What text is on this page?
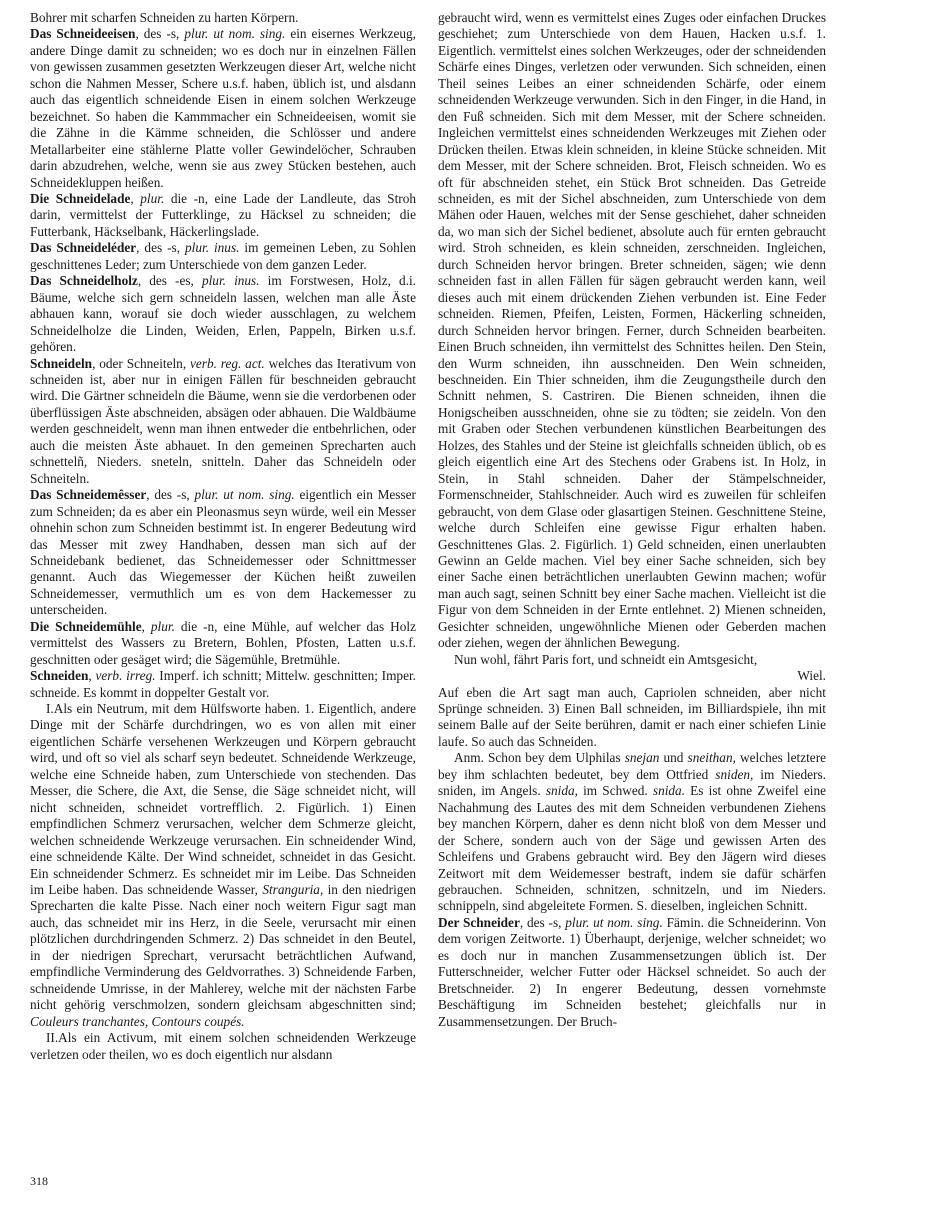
Bohrer mit scharfen Schneiden zu harten Körpern.

Das Schneideeisen, des -s, plur. ut nom. sing. ein eisernes Werkzeug, andere Dinge damit zu schneiden; wo es doch nur in einzelnen Fällen von gewissen zusammen gesetzten Werkzeugen dieser Art, welche nicht schon die Nahmen Messer, Schere u.s.f. haben, üblich ist, und alsdann auch das eigentlich schneidende Eisen in einem solchen Werkzeuge bezeichnet. So haben die Kammmacher ein Schneideeisen, womit sie die Zähne in die Kämme schneiden, die Schlösser und andere Metallarbeiter eine stählerne Platte voller Gewindelöcher, Schrauben darin abzudrehen, welche, wenn sie aus zwey Stücken bestehen, auch Schneidekluppen heißen.

Die Schneidelade, plur. die -n, eine Lade der Landleute, das Stroh darin, vermittelst der Futterklinge, zu Häcksel zu schneiden; die Futterbank, Häckselbank, Häckerlingslade.

Das Schneideléder, des -s, plur. inus. im gemeinen Leben, zu Sohlen geschnittenes Leder; zum Unterschiede von dem ganzen Leder.

Das Schneidelholz, des -es, plur. inus. im Forstwesen, Holz, d.i. Bäume, welche sich gern schneideln lassen, welchen man alle Äste abhauen kann, worauf sie doch wieder ausschlagen, zu welchem Schneidelholze die Linden, Weiden, Erlen, Pappeln, Birken u.s.f. gehören.

Schneideln, oder Schneiteln, verb. reg. act. welches das Iterativum von schneiden ist, aber nur in einigen Fällen für beschneiden gebraucht wird. Die Gärtner schneideln die Bäume, wenn sie die verdorbenen oder überflüssigen Äste abschneiden, absägen oder abhauen. Die Waldbäume werden geschneidelt, wenn man ihnen entweder die entbehrlichen, oder auch die meisten Äste abhauet. In den gemeinen Sprecharten auch schnettelñ, Nieders. sneteln, snitteln. Daher das Schneideln oder Schneiteln.

Das Schneidemêsser, des -s, plur. ut nom. sing. eigentlich ein Messer zum Schneiden; da es aber ein Pleonasmus seyn würde, weil ein Messer ohnehin schon zum Schneiden bestimmt ist. In engerer Bedeutung wird das Messer mit zwey Handhaben, dessen man sich auf der Schneidebank bedienet, das Schneidemesser oder Schnittmesser genannt. Auch das Wiegemesser der Küchen heißt zuweilen Schneidemesser, vermuthlich um es von dem Hackemesser zu unterscheiden.

Die Schneidemühle, plur. die -n, eine Mühle, auf welcher das Holz vermittelst des Wassers zu Bretern, Bohlen, Pfosten, Latten u.s.f. geschnitten oder gesäget wird; die Sägemühle, Bretmühle.

Schneiden, verb. irreg. Imperf. ich schnitt; Mittelw. geschnitten; Imper. schneide. Es kommt in doppelter Gestalt vor.

I.Als ein Neutrum, mit dem Hülfsworte haben. 1. Eigentlich, andere Dinge mit der Schärfe durchdringen, wo es von allen mit einer eigentlichen Schärfe versehenen Werkzeugen und Körpern gebraucht wird, und oft so viel als scharf seyn bedeutet. Schneidende Werkzeuge, welche eine Schneide haben, zum Unterschiede von stechenden. Das Messer, die Schere, die Axt, die Sense, die Säge schneidet nicht, will nicht schneiden, schneidet vortrefflich. 2. Figürlich. 1) Einen empfindlichen Schmerz verursachen, welcher dem Schmerze gleicht, welchen schneidende Werkzeuge verursachen. Ein schneidender Wind, eine schneidende Kälte. Der Wind schneidet, schneidet in das Gesicht. Ein schneidender Schmerz. Es schneidet mir im Leibe. Das Schneiden im Leibe haben. Das schneidende Wasser, Stranguria, in den niedrigen Sprecharten die kalte Pisse. Nach einer noch weitern Figur sagt man auch, das schneidet mir ins Herz, in die Seele, verursacht mir einen plötzlichen durchdringenden Schmerz. 2) Das schneidet in den Beutel, in der niedrigen Sprechart, verursacht beträchtlichen Aufwand, empfindliche Verminderung des Geldvorrathes. 3) Schneidende Farben, schneidende Umrisse, in der Mahlerey, welche mit der nächsten Farbe nicht gehörig verschmolzen, sondern gleichsam abgeschnitten sind; Couleurs tranchantes, Contours coupés.

II.Als ein Activum, mit einem solchen schneidenden Werkzeuge verletzen oder theilen, wo es doch eigentlich nur alsdann

gebraucht wird, wenn es vermittelst eines Zuges oder einfachen Druckes geschiehet; zum Unterschiede von dem Hauen, Hacken u.s.f. 1. Eigentlich. vermittelst eines solchen Werkzeuges, oder der schneidenden Schärfe eines Dinges, verletzen oder verwunden. Sich schneiden, einen Theil seines Leibes an einer schneidenden Schärfe, oder einem schneidenden Werkzeuge verwunden. Sich in den Finger, in die Hand, in den Fuß schneiden. Sich mit dem Messer, mit der Schere schneiden. Ingleichen vermittelst eines schneidenden Werkzeuges mit Ziehen oder Drücken theilen. Etwas klein schneiden, in kleine Stücke schneiden. Mit dem Messer, mit der Schere schneiden. Brot, Fleisch schneiden. Wo es oft für abschneiden stehet, ein Stück Brot schneiden. Das Getreide schneiden, es mit der Sichel abschneiden, zum Unterschiede von dem Mähen oder Hauen, welches mit der Sense geschiehet, daher schneiden da, wo man sich der Sichel bedienet, absolute auch für ernten gebraucht wird. Stroh schneiden, es klein schneiden, zerschneiden. Ingleichen, durch Schneiden hervor bringen. Breter schneiden, sägen; wie denn schneiden fast in allen Fällen für sägen gebraucht werden kann, weil dieses auch mit einem drückenden Ziehen verbunden ist. Eine Feder schneiden. Riemen, Pfeifen, Leisten, Formen, Häckerling schneiden, durch Schneiden hervor bringen. Ferner, durch Schneiden bearbeiten. Einen Bruch schneiden, ihn vermittelst des Schnittes heilen. Den Stein, den Wurm schneiden, ihn ausschneiden. Den Wein schneiden, beschneiden. Ein Thier schneiden, ihm die Zeugungstheile durch den Schnitt nehmen, S. Castriren. Die Bienen schneiden, ihnen die Honigscheiben ausschneiden, ohne sie zu tödten; sie zeideln. Von den mit Graben oder Stechen verbundenen künstlichen Bearbeitungen des Holzes, des Stahles und der Steine ist gleichfalls schneiden üblich, ob es gleich eigentlich eine Art des Stechens oder Grabens ist. In Holz, in Stein, in Stahl schneiden. Daher der Stämpelschneider, Formenschneider, Stahlschneider. Auch wird es zuweilen für schleifen gebraucht, von dem Glase oder glasartigen Steinen. Geschnittene Steine, welche durch Schleifen eine gewisse Figur erhalten haben. Geschnittenes Glas. 2. Figürlich. 1) Geld schneiden, einen unerlaubten Gewinn an Gelde machen. Viel bey einer Sache schneiden, sich bey einer Sache einen beträchtlichen unerlaubten Gewinn machen; wofür man auch sagt, seinen Schnitt bey einer Sache machen. Vielleicht ist die Figur von dem Schneiden in der Ernte entlehnet. 2) Mienen schneiden, Gesichter schneiden, ungewöhnliche Mienen oder Geberden machen oder ziehen, wegen der ähnlichen Bewegung.

Nun wohl, fährt Paris fort, und schneidt ein Amtsgesicht,

Wiel.

Auf eben die Art sagt man auch, Capriolen schneiden, aber nicht Sprünge schneiden. 3) Einen Ball schneiden, im Billiardspiele, ihn mit seinem Balle auf der Seite berühren, damit er nach einer schiefen Linie laufe. So auch das Schneiden.

Anm. Schon bey dem Ulphilas snejan und sneithan, welches letztere bey ihm schlachten bedeutet, bey dem Ottfried sniden, im Nieders. sniden, im Angels. snida, im Schwed. snida. Es ist ohne Zweifel eine Nachahmung des Lautes des mit dem Schneiden verbundenen Ziehens bey manchen Körpern, daher es denn nicht bloß von dem Messer und der Schere, sondern auch von der Säge und gewissen Arten des Schleifens und Grabens gebraucht wird. Bey den Jägern wird dieses Zeitwort mit dem Weidemesser bestraft, indem sie dafür schärfen gebrauchen. Schneiden, schnitzen, schnitzeln, und im Nieders. schnippeln, sind abgeleitete Formen. S. dieselben, ingleichen Schnitt.

Der Schneider, des -s, plur. ut nom. sing. Fämin. die Schneiderinn. Von dem vorigen Zeitworte. 1) Überhaupt, derjenige, welcher schneidet; wo es doch nur in manchen Zusammensetzungen üblich ist. Der Futterschneider, welcher Futter oder Häcksel schneidet. So auch der Bretschneider. 2) In engerer Bedeutung, dessen vornehmste Beschäftigung im Schneiden bestehet; gleichfalls nur in Zusammensetzungen. Der Bruch-

318
